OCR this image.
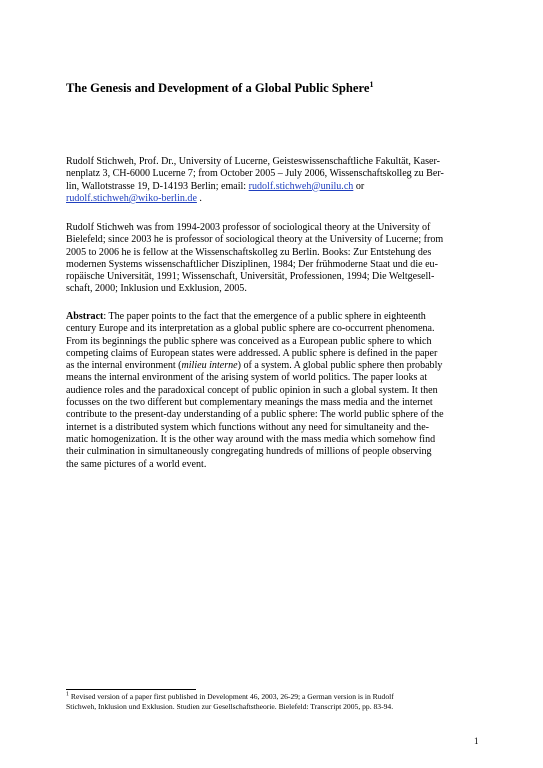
The Genesis and Development of a Global Public Sphere$^1$
Rudolf Stichweh, Prof. Dr., University of Lucerne, Geisteswissenschaftliche Fakultät, Kaser-
nenplatz 3, CH-6000 Lucerne 7; from October 2005 – July 2006, Wissenschaftskolleg zu Ber-
lin, Wallotstrasse 19, D-14193 Berlin; email: rudolf.stichweh@unilu.ch or
rudolf.stichweh@wiko-berlin.de .
Rudolf Stichweh was from 1994-2003 professor of sociological theory at the University of
Bielefeld; since 2003 he is professor of sociological theory at the University of Lucerne; from
2005 to 2006 he is fellow at the Wissenschaftskolleg zu Berlin. Books: Zur Entstehung des
modernen Systems wissenschaftlicher Disziplinen, 1984; Der frühmoderne Staat und die eu-
ropäische Universität, 1991; Wissenschaft, Universität, Professionen, 1994; Die Weltgesell-
schaft, 2000; Inklusion und Exklusion, 2005.
Abstract: The paper points to the fact that the emergence of a public sphere in eighteenth
century Europe and its interpretation as a global public sphere are co-occurrent phenomena.
From its beginnings the public sphere was conceived as a European public sphere to which
competing claims of European states were addressed. A public sphere is defined in the paper
as the internal environment (milieu interne) of a system. A global public sphere then probably
means the internal environment of the arising system of world politics. The paper looks at
audience roles and the paradoxical concept of public opinion in such a global system. It then
focusses on the two different but complementary meanings the mass media and the internet
contribute to the present-day understanding of a public sphere: The world public sphere of the
internet is a distributed system which functions without any need for simultaneity and the-
matic homogenization. It is the other way around with the mass media which somehow find
their culmination in simultaneously congregating hundreds of millions of people observing
the same pictures of a world event.
$^1$ Revised version of a paper first published in Development 46, 2003, 26-29; a German version is in Rudolf
Stichweh, Inklusion und Exklusion. Studien zur Gesellschaftstheorie. Bielefeld: Transcript 2005, pp. 83-94.
1
